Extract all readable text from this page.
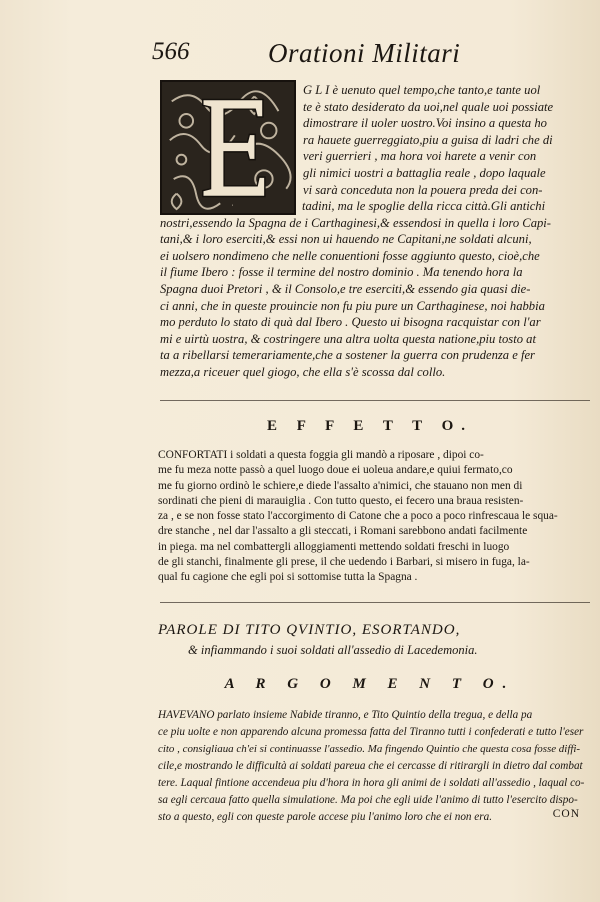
566	Orationi Militari
E
G L I è uenuto quel tempo,che tanto,e tante uol
te è stato desiderato da uoi,nel quale uoi possiate
dimostrare il uoler uostro.Voi insino a questa ho
ra hauete guerreggiato,piu a guisa di ladri che di
veri guerrieri , ma hora voi harete a venir con
gli nimici uostri a battaglia reale , dopo laquale
vi sarà conceduta non la pouera preda dei con-
tadini, ma le spoglie della ricca città.Gli antichi
nostri,essendo la Spagna de i Carthaginesi,& essendosi in quella i loro Capi-
tani,& i loro eserciti,& essi non ui hauendo ne Capitani,ne soldati alcuni,
ei uolsero nondimeno che nelle conuentioni fosse aggiunto questo, cioè,che
il fiume Ibero : fosse il termine del nostro dominio . Ma tenendo hora la
Spagna duoi Pretori , & il Consolo,e tre eserciti,& essendo gia quasi die-
ci anni, che in queste prouincie non fu piu pure un Carthaginese, noi habbia
mo perduto lo stato di quà dal Ibero . Questo ui bisogna racquistar con l'ar
mi e uirtù uostra, & costringere una altra uolta questa natione,piu tosto at
ta a ribellarsi temerariamente,che a sostener la guerra con prudenza e fer
mezza,a riceuer quel giogo, che ella s'è scossa dal collo.
E F F E T T O.
CONFORTATI i soldati a questa foggia gli mandò a riposare , dipoi co-
me fu meza notte passò a quel luogo doue ei uoleua andare,e quiui fermato,co
me fu giorno ordinò le schiere,e diede l'assalto a'nimici, che stauano non men di
sordinati che pieni di marauiglia . Con tutto questo, ei fecero una braua resisten-
za , e se non fosse stato l'accorgimento di Catone che a poco a poco rinfrescaua le squa-
dre stanche , nel dar l'assalto a gli steccati, i Romani sarebbono andati facilmente
in piega. ma nel combattergli alloggiamenti mettendo soldati freschi in luogo
de gli stanchi, finalmente gli prese, il che uedendo i Barbari, si misero in fuga, la-
qual fu cagione che egli poi si sottomise tutta la Spagna .
PAROLE DI TITO QVINTIO, ESORTANDO,
& infiammando i suoi soldati all'assedio di Lacedemonia.
A R G O M E N T O.
HAVEVANO parlato insieme Nabide tiranno, e Tito Quintio della tregua, e della pa
ce piu uolte e non apparendo alcuna promessa fatta del Tiranno tutti i confederati e tutto l'eser
cito , consigliaua ch'ei si continuasse l'assedio. Ma fingendo Quintio che questa cosa fosse diffi-
cile,e mostrando le difficultà ai soldati pareua che ei cercasse di ritirargli in dietro dal combat
tere. Laqual fintione accendeua piu d'hora in hora gli animi de i soldati all'assedio , laqual co-
sa egli cercaua fatto quella simulatione. Ma poi che egli uide l'animo di tutto l'esercito dispo-
sto a questo, egli con queste parole accese piu l'animo loro che ei non era.	CON
